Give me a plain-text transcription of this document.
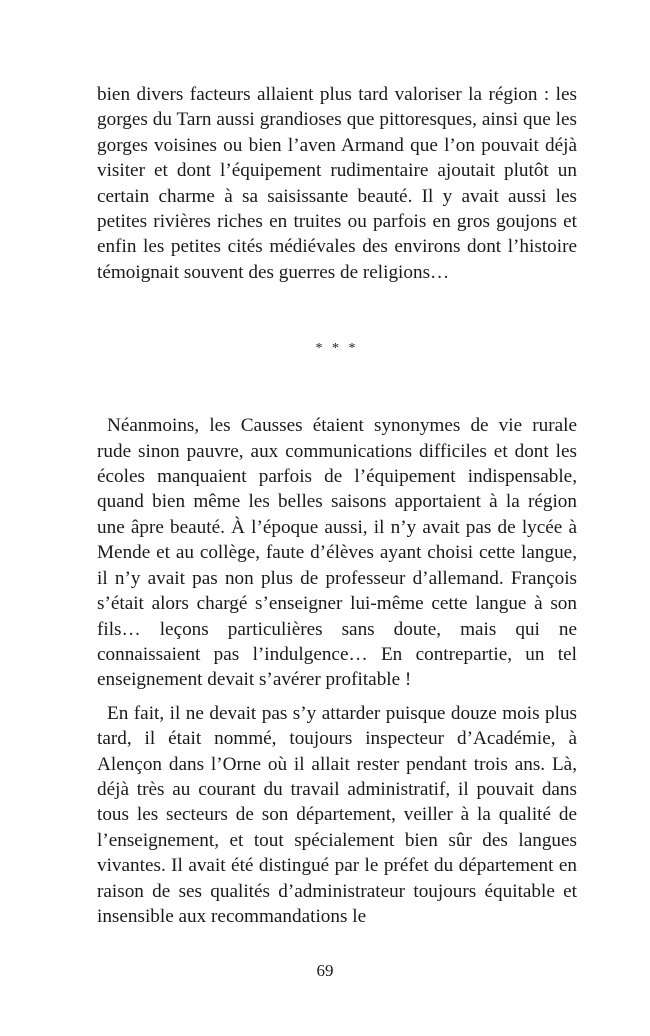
bien divers facteurs allaient plus tard valoriser la région : les gorges du Tarn aussi grandioses que pittoresques, ainsi que les gorges voisines ou bien l’aven Armand que l’on pouvait déjà visiter et dont l’équipement rudimentaire ajoutait plutôt un certain charme à sa saisissante beauté. Il y avait aussi les petites rivières riches en truites ou parfois en gros goujons et enfin les petites cités médiévales des environs dont l’histoire témoignait souvent des guerres de religions…

* * *

Néanmoins, les Causses étaient synonymes de vie rurale rude sinon pauvre, aux communications difficiles et dont les écoles manquaient parfois de l’équipement indispensable, quand bien même les belles saisons apportaient à la région une âpre beauté. À l’époque aussi, il n’y avait pas de lycée à Mende et au collège, faute d’élèves ayant choisi cette langue, il n’y avait pas non plus de professeur d’allemand. François s’était alors chargé s’enseigner lui-même cette langue à son fils… leçons particulières sans doute, mais qui ne connaissaient pas l’indulgence… En contrepartie, un tel enseignement devait s’avérer profitable !

En fait, il ne devait pas s’y attarder puisque douze mois plus tard, il était nommé, toujours inspecteur d’Académie, à Alençon dans l’Orne où il allait rester pendant trois ans. Là, déjà très au courant du travail administratif, il pouvait dans tous les secteurs de son département, veiller à la qualité de l’enseignement, et tout spécialement bien sûr des langues vivantes. Il avait été distingué par le préfet du département en raison de ses qualités d’administrateur toujours équitable et insensible aux recommandations le

69
